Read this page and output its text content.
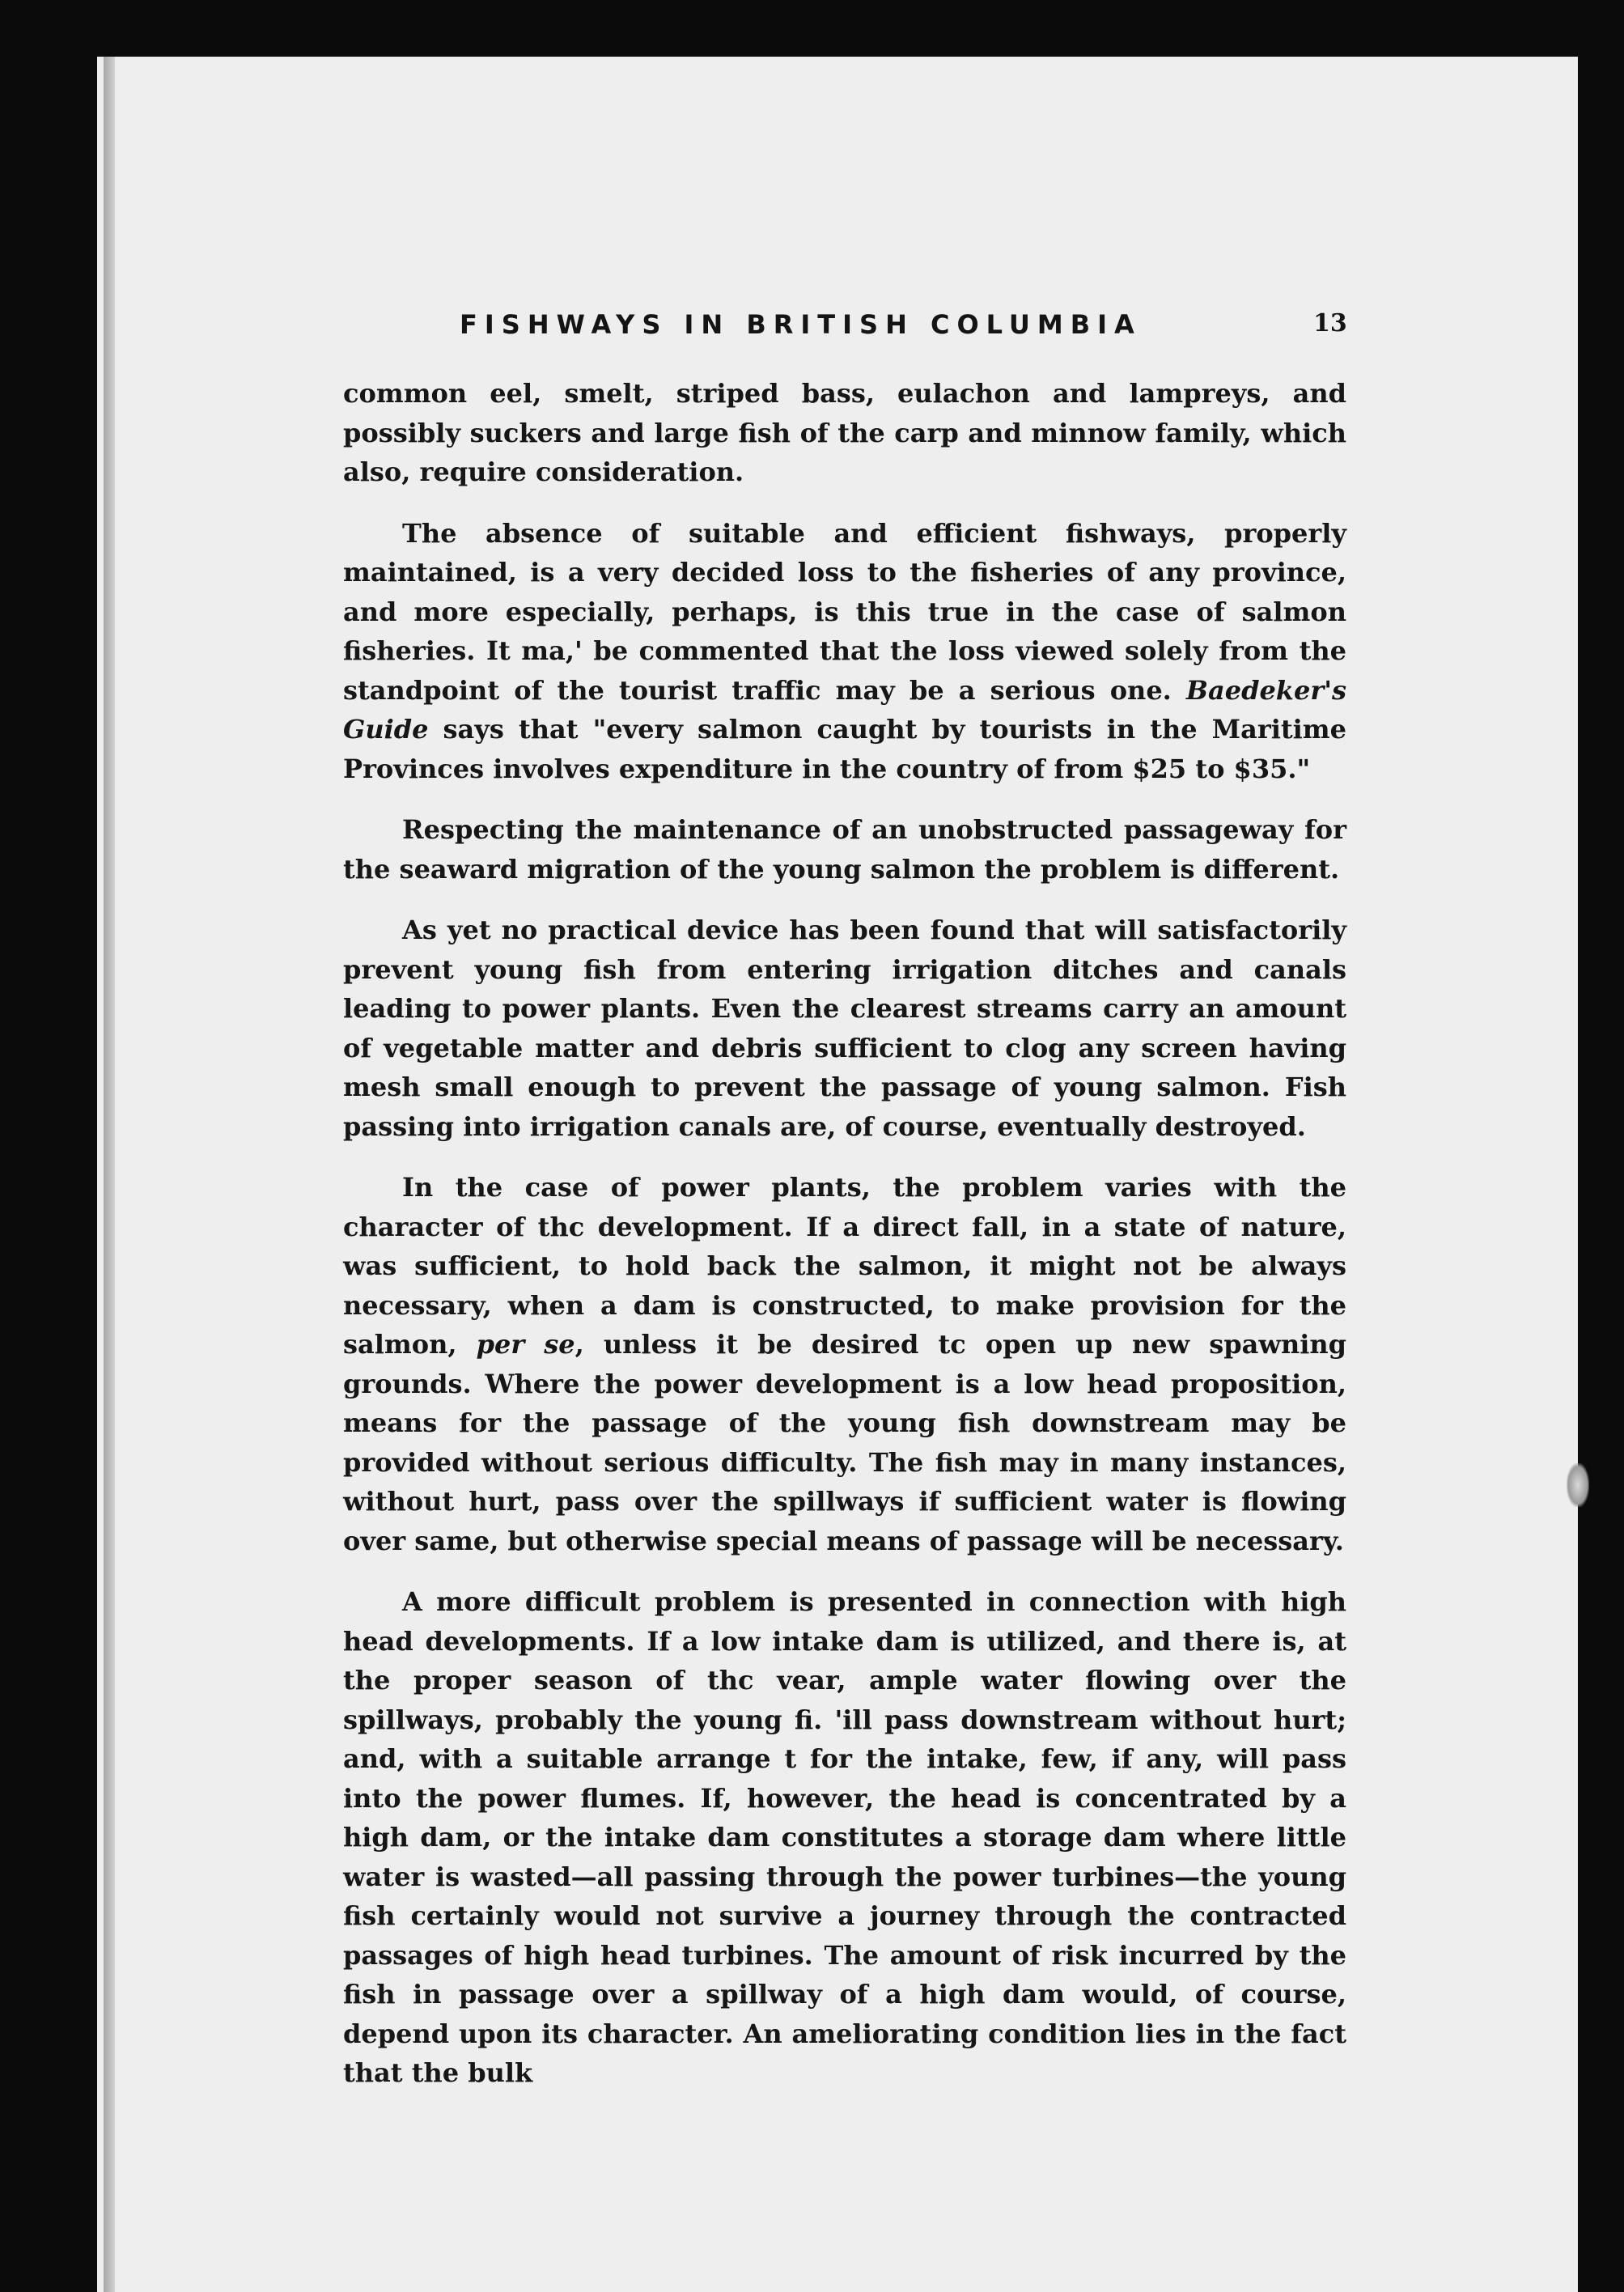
FISHWAYS IN BRITISH COLUMBIA	13

common eel, smelt, striped bass, eulachon and lampreys, and possibly suckers and large fish of the carp and minnow family, which also, require consideration.

The absence of suitable and efficient fishways, properly maintained, is a very decided loss to the fisheries of any province, and more especially, perhaps, is this true in the case of salmon fisheries. It ma,' be commented that the loss viewed solely from the standpoint of the tourist traffic may be a serious one. Baedeker's Guide says that "every salmon caught by tourists in the Maritime Provinces involves expenditure in the country of from $25 to $35."

Respecting the maintenance of an unobstructed passageway for the seaward migration of the young salmon the problem is different.

As yet no practical device has been found that will satisfactorily prevent young fish from entering irrigation ditches and canals leading to power plants. Even the clearest streams carry an amount of vegetable matter and debris sufficient to clog any screen having mesh small enough to prevent the passage of young salmon. Fish passing into irrigation canals are, of course, eventually destroyed.

In the case of power plants, the problem varies with the character of thc development. If a direct fall, in a state of nature, was sufficient, to hold back the salmon, it might not be always necessary, when a dam is constructed, to make provision for the salmon, per se, unless it be desired tc open up new spawning grounds. Where the power development is a low head proposition, means for the passage of the young fish downstream may be provided without serious difficulty. The fish may in many instances, without hurt, pass over the spillways if sufficient water is flowing over same, but otherwise special means of passage will be necessary.

A more difficult problem is presented in connection with high head developments. If a low intake dam is utilized, and there is, at the proper season of thc vear, ample water flowing over the spillways, probably the young fi. 'ill pass downstream without hurt; and, with a suitable arrange t for the intake, few, if any, will pass into the power flumes. If, however, the head is concentrated by a high dam, or the intake dam constitutes a storage dam where little water is wasted—all passing through the power turbines—the young fish certainly would not survive a journey through the contracted passages of high head turbines. The amount of risk incurred by the fish in passage over a spillway of a high dam would, of course, depend upon its character. An ameliorating condition lies in the fact that the bulk
